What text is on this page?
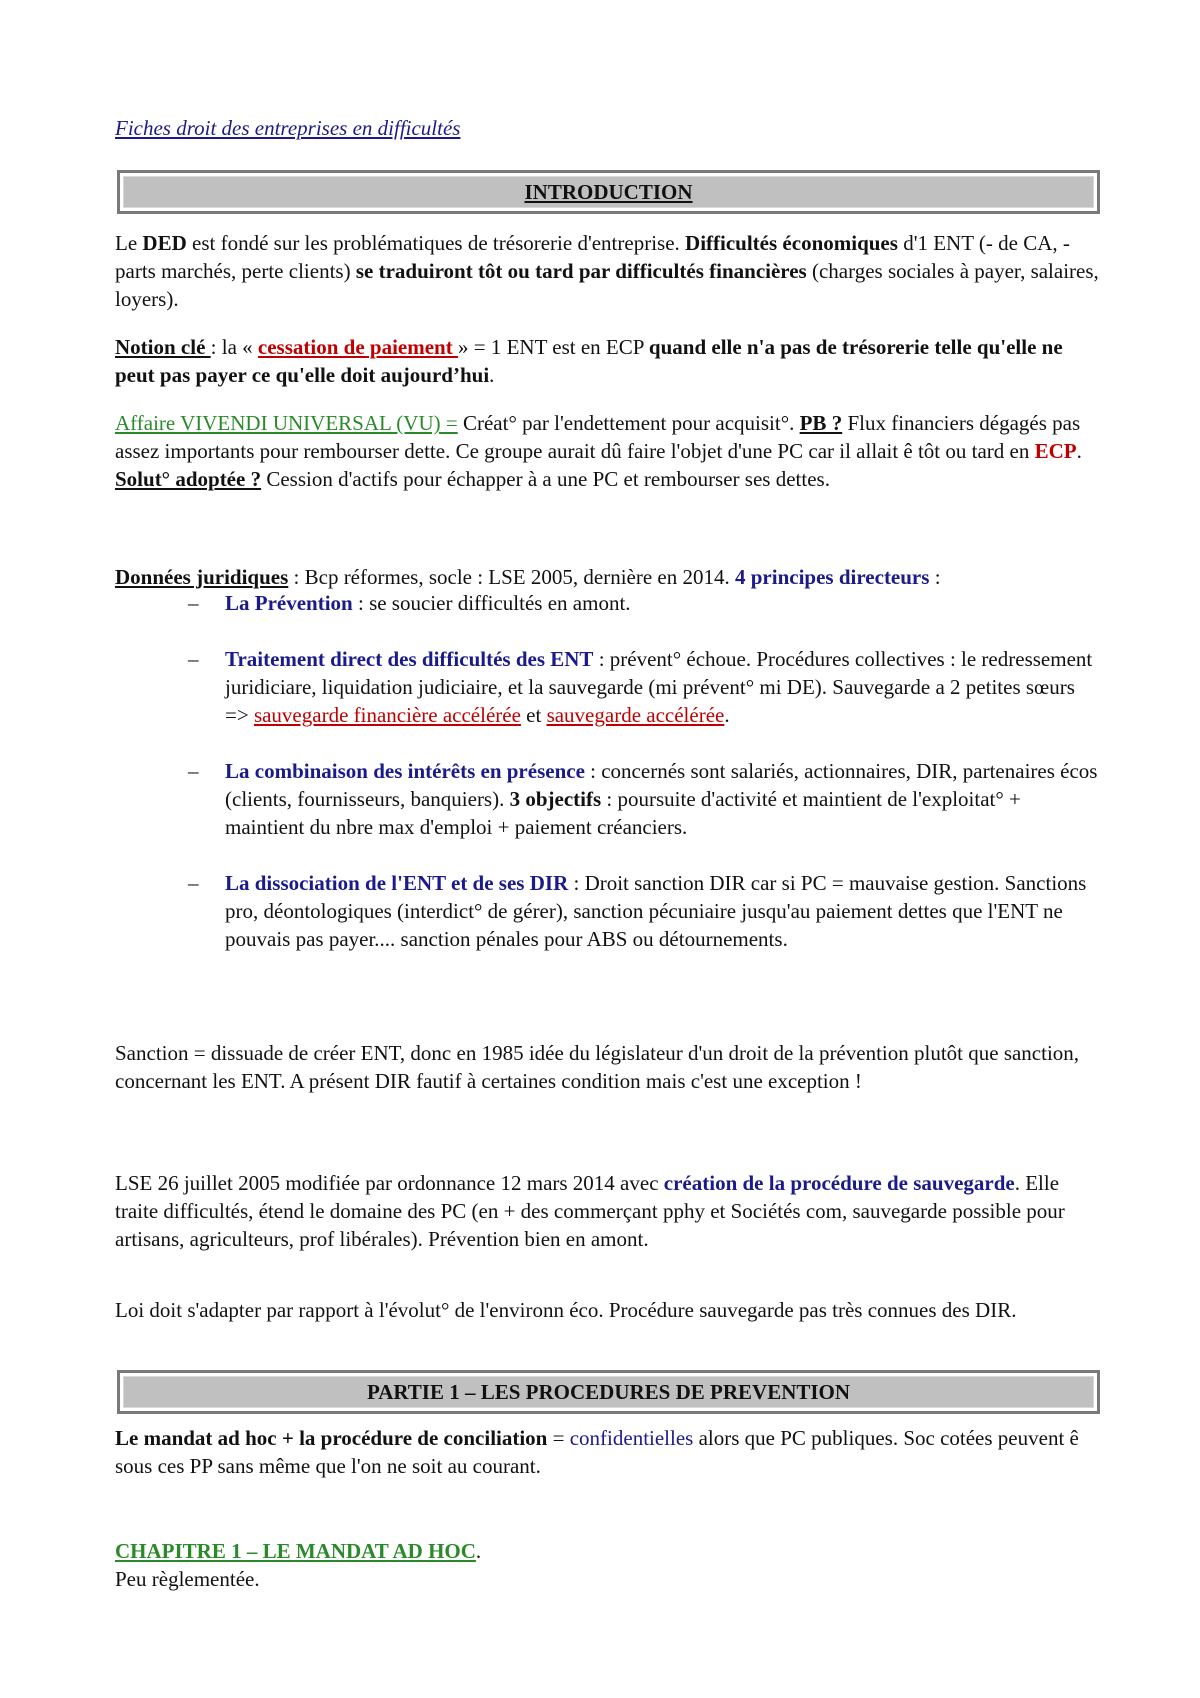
Fiches droit des entreprises en difficultés

INTRODUCTION

Le DED est fondé sur les problématiques de trésorerie d'entreprise. Difficultés économiques d'1 ENT (- de CA, - parts marchés, perte clients) se traduiront tôt ou tard par difficultés financières (charges sociales à payer, salaires, loyers).

Notion clé : la « cessation de paiement » = 1 ENT est en ECP quand elle n'a pas de trésorerie telle qu'elle ne peut pas payer ce qu'elle doit aujourd’hui.

Affaire VIVENDI UNIVERSAL (VU) = Créat° par l'endettement pour acquisit°. PB ? Flux financiers dégagés pas assez importants pour rembourser dette. Ce groupe aurait dû faire l'objet d'une PC car il allait ê tôt ou tard en ECP. Solut° adoptée ? Cession d'actifs pour échapper à a une PC et rembourser ses dettes.

Données juridiques : Bcp réformes, socle : LSE 2005, dernière en 2014. 4 principes directeurs :

– La Prévention : se soucier difficultés en amont.
– Traitement direct des difficultés des ENT : prévent° échoue. Procédures collectives : le redressement juridiciare, liquidation judiciaire, et la sauvegarde (mi prévent° mi DE). Sauvegarde a 2 petites sœurs => sauvegarde financière accélérée et sauvegarde accélérée.
– La combinaison des intérêts en présence : concernés sont salariés, actionnaires, DIR, partenaires écos (clients, fournisseurs, banquiers). 3 objectifs : poursuite d'activité et maintient de l'exploitat° + maintient du nbre max d'emploi + paiement créanciers.
– La dissociation de l'ENT et de ses DIR : Droit sanction DIR car si PC = mauvaise gestion. Sanctions pro, déontologiques (interdict° de gérer), sanction pécuniaire jusqu'au paiement dettes que l'ENT ne pouvais pas payer.... sanction pénales pour ABS ou détournements.

Sanction = dissuade de créer ENT, donc en 1985 idée du législateur d'un droit de la prévention plutôt que sanction, concernant les ENT. A présent DIR fautif à certaines condition mais c'est une exception !

LSE 26 juillet 2005 modifiée par ordonnance 12 mars 2014 avec création de la procédure de sauvegarde. Elle traite difficultés, étend le domaine des PC (en + des commerçant pphy et Sociétés com, sauvegarde possible pour artisans, agriculteurs, prof libérales). Prévention bien en amont.

Loi doit s'adapter par rapport à l'évolut° de l'environn éco. Procédure sauvegarde pas très connues des DIR.

PARTIE 1 – LES PROCEDURES DE PREVENTION

Le mandat ad hoc + la procédure de conciliation = confidentielles alors que PC publiques. Soc cotées peuvent ê sous ces PP sans même que l'on ne soit au courant.

CHAPITRE 1 – LE MANDAT AD HOC.

Peu règlementée.
